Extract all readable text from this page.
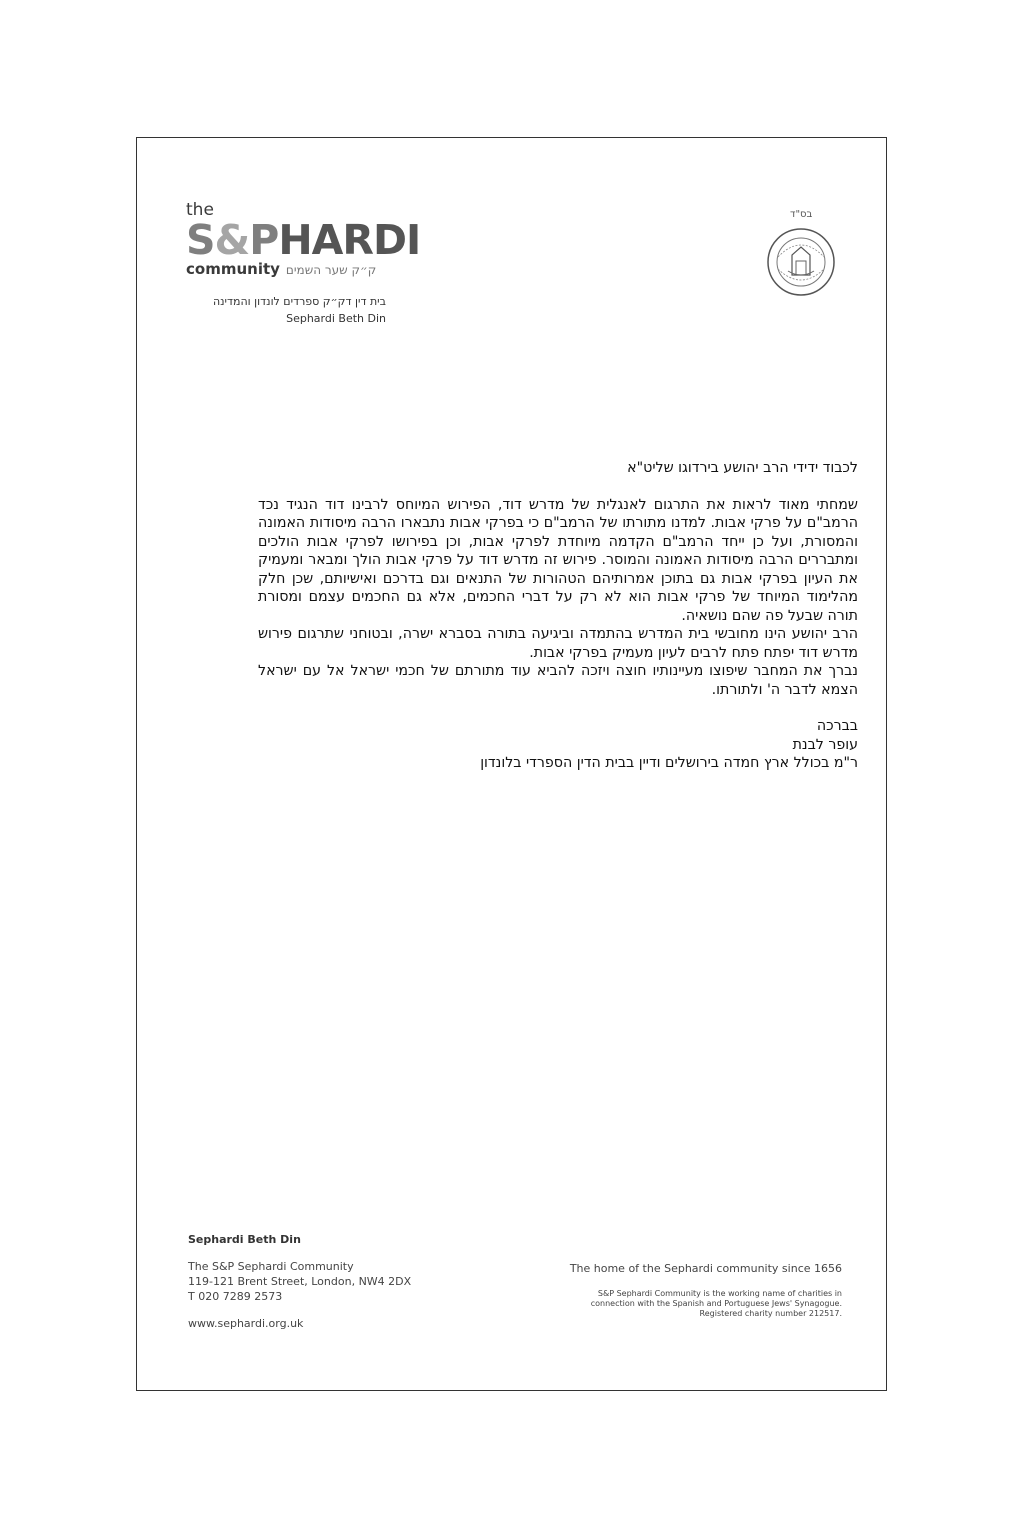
the
S&PHARDI
community ק״ק שער השמים
בית דין דק״ק ספרדים לונדון והמדינה
Sephardi Beth Din
בס"ד
לכבוד ידידי הרב יהושע בירדוגו שליט"א
שמחתי מאוד לראות את התרגום לאנגלית של מדרש דוד, הפירוש המיוחס לרבינו דוד הנגיד נכד הרמב"ם על פרקי אבות. למדנו מתורתו של הרמב"ם כי בפרקי אבות נתבארו הרבה מיסודות האמונה והמסורת, ועל כן ייחד הרמב"ם הקדמה מיוחדת לפרקי אבות, וכן בפירושו לפרקי אבות הולכים ומתבררים הרבה מיסודות האמונה והמוסר. פירוש זה מדרש דוד על פרקי אבות הולך ומבאר ומעמיק את העיון בפרקי אבות גם בתוכן אמרותיהם הטהורות של התנאים וגם בדרכם ואישיותם, שכן חלק מהלימוד המיוחד של פרקי אבות הוא לא רק על דברי החכמים, אלא גם החכמים עצמם ומסורת תורה שבעל פה שהם נושאיה.
הרב יהושע הינו מחובשי בית המדרש בהתמדה וביגיעה בתורה בסברא ישרה, ובטוחני שתרגום פירוש מדרש דוד יפתח פתח לרבים לעיון מעמיק בפרקי אבות.
נברך את המחבר שיפוצו מעיינותיו חוצה ויזכה להביא עוד מתורתם של חכמי ישראל אל עם ישראל הצמא לדבר ה' ולתורתו.
בברכה
עופר לבנת
ר"מ בכולל ארץ חמדה בירושלים ודיין בבית הדין הספרדי בלונדון
Sephardi Beth Din
The S&P Sephardi Community
119-121 Brent Street, London, NW4 2DX
T 020 7289 2573
www.sephardi.org.uk
The home of the Sephardi community since 1656
S&P Sephardi Community is the working name of charities in
connection with the Spanish and Portuguese Jews' Synagogue.
Registered charity number 212517.
